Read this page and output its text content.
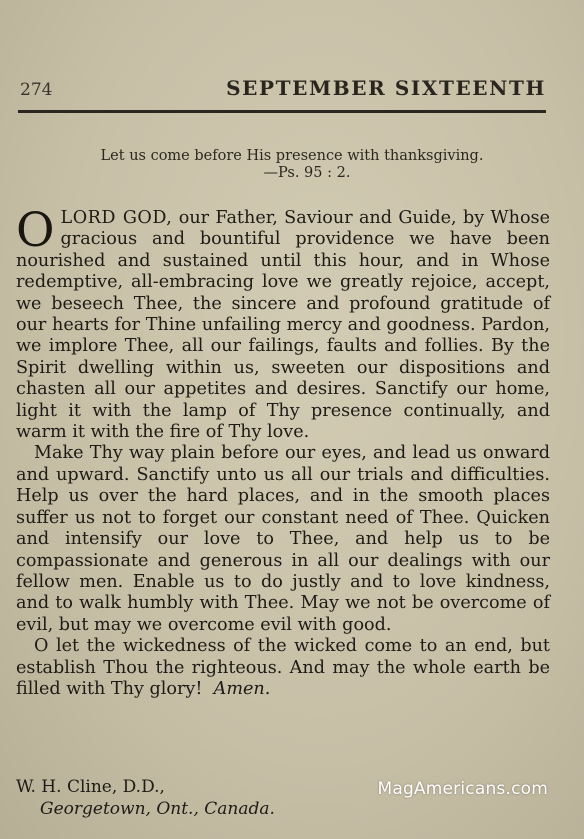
274	SEPTEMBER SIXTEENTH
Let us come before His presence with thanksgiving.
—Ps. 95 : 2.

OLORD GOD, our Father, Saviour and Guide, by Whose gracious and bountiful providence we have been nourished and sustained until this hour, and in Whose redemptive, all-embracing love we greatly rejoice, accept, we beseech Thee, the sincere and profound gratitude of our hearts for Thine unfailing mercy and goodness. Pardon, we implore Thee, all our failings, faults and follies. By the Spirit dwelling within us, sweeten our dispositions and chasten all our appetites and desires. Sanctify our home, light it with the lamp of Thy presence continually, and warm it with the fire of Thy love.

Make Thy way plain before our eyes, and lead us onward and upward. Sanctify unto us all our trials and difficulties. Help us over the hard places, and in the smooth places suffer us not to forget our constant need of Thee. Quicken and intensify our love to Thee, and help us to be compassionate and generous in all our dealings with our fellow men. Enable us to do justly and to love kindness, and to walk humbly with Thee. May we not be overcome of evil, but may we overcome evil with good.

O let the wickedness of the wicked come to an end, but establish Thou the righteous. And may the whole earth be filled with Thy glory! Amen.

W. H. Cline, D.D.,
Georgetown, Ont., Canada.
MagAmericans.com
